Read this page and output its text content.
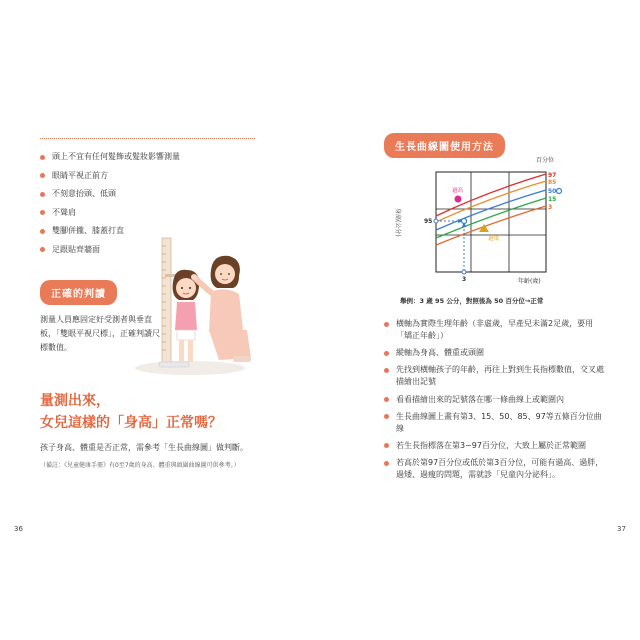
頭上不宜有任何髮飾或髮妝影響測量
眼睛平視正前方
不刻意抬頭、低頭
不聳肩
雙腳併攏、膝蓋打直
足跟貼齊牆面
正確的判讀
測量人員應固定好受測者與垂直板，「雙眼平視尺標」，正確判讀尺標數值。
量測出來，
女兒這樣的「身高」正常嗎？
孩子身高、體重是否正常，需參考「生長曲線圖」做判斷。
（備註：《兒童健康手冊》有0至7歲的身高、體重與頭圍曲線圖可供參考。）
36
生長曲線圖使用方法
百分位
身高(公分)
97
85
50
15
3
過高
過矮
95
3	年齡(歲)
舉例：3 歲 95 公分，對照後為 50 百分位→正常
橫軸為實際生理年齡（非虛歲，早產兒未滿2足歲，要用「矯正年齡」）
縱軸為身高、體重或頭圍
先找到橫軸孩子的年齡，再往上對到生長指標數值，交叉處描繪出記號
看看描繪出來的記號落在哪一條曲線上或範圍內
生長曲線圖上畫有第3、15、50、85、97等五條百分位曲線
若生長指標落在第3~97百分位，大致上屬於正常範圍
若高於第97百分位或低於第3百分位，可能有過高、過胖，過矮、過瘦的問題，需就診「兒童內分泌科」。
37
